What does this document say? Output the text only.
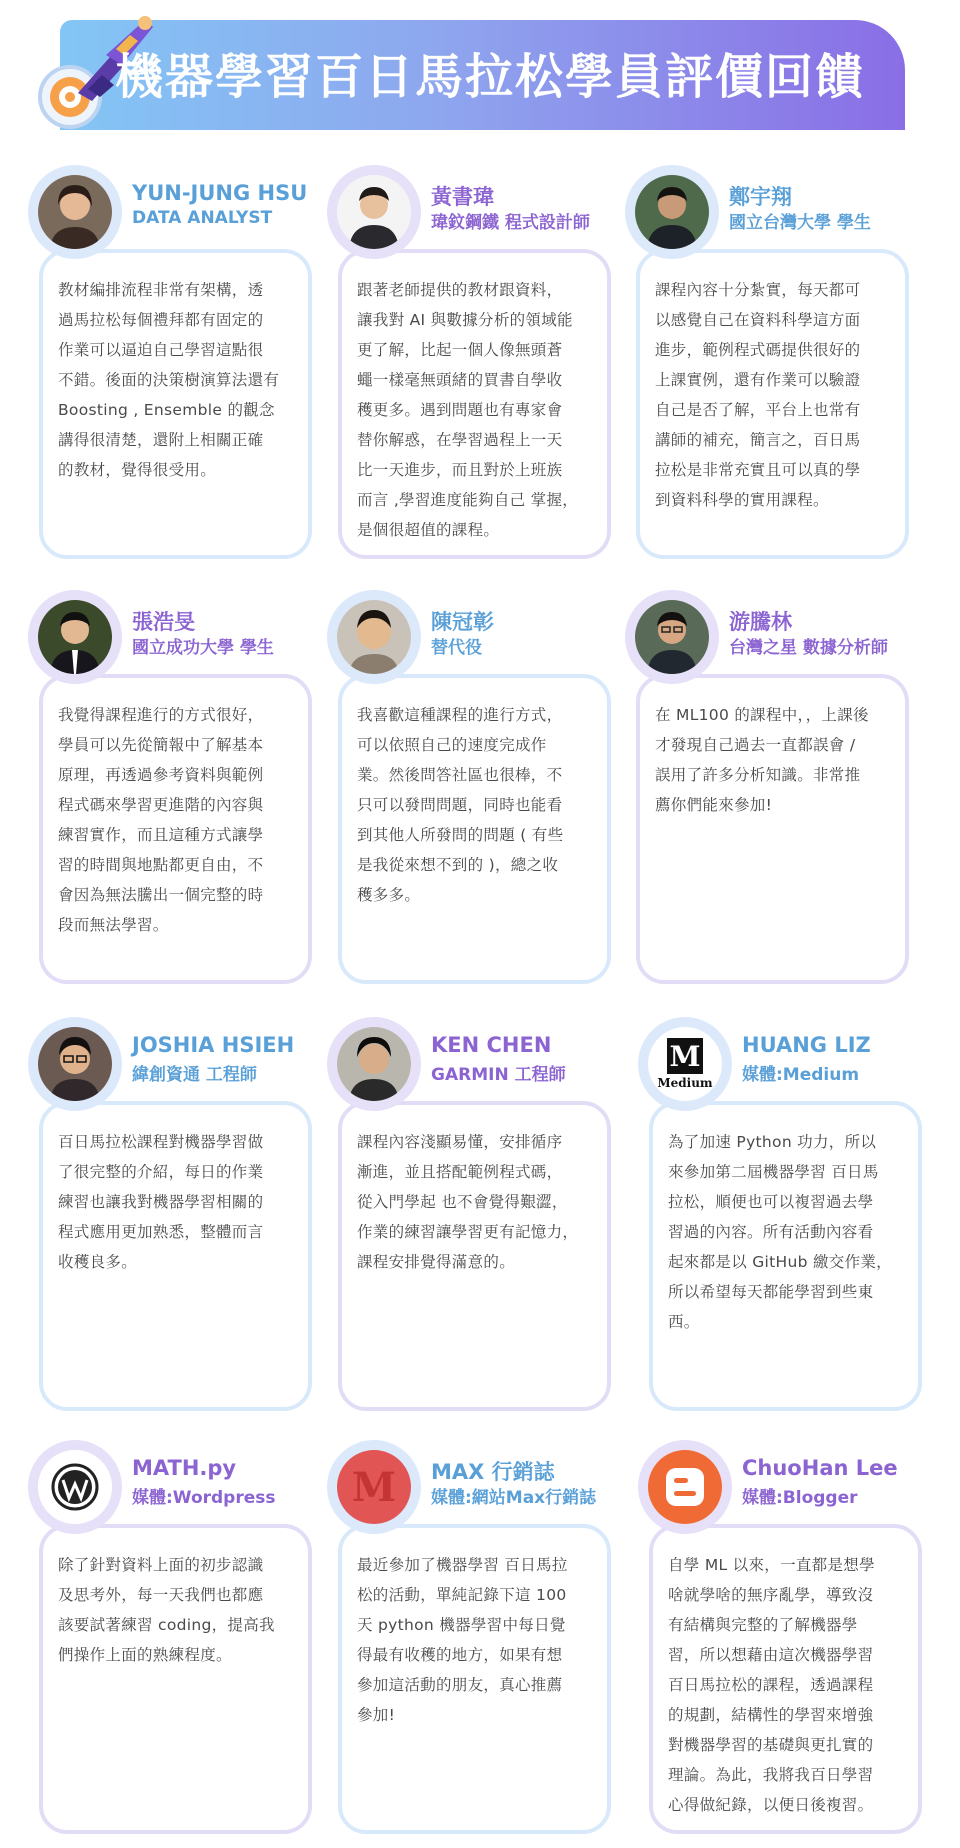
機器學習百日馬拉松學員評價回饋
YUN-JUNG HSU
DATA ANALYST
教材編排流程非常有架構，透
過馬拉松每個禮拜都有固定的
作業可以逼迫自己學習這點很
不錯。後面的決策樹演算法還有
Boosting , Ensemble 的觀念
講得很清楚，還附上相關正確
的教材，覺得很受用。
黃書瑋
瑋鈫鋼鐵 程式設計師
跟著老師提供的教材跟資料，
讓我對 AI 與數據分析的領域能
更了解，比起一個人像無頭蒼
蠅一樣毫無頭緒的買書自學收
穫更多。遇到問題也有專家會
替你解惑，在學習過程上一天
比一天進步，而且對於上班族
而言 ,學習進度能夠自己 掌握，
是個很超值的課程。
鄭宇翔
國立台灣大學 學生
課程內容十分紮實，每天都可
以感覺自己在資料科學這方面
進步，範例程式碼提供很好的
上課實例，還有作業可以驗證
自己是否了解，平台上也常有
講師的補充，簡言之，百日馬
拉松是非常充實且可以真的學
到資料科學的實用課程。
張浩旻
國立成功大學 學生
我覺得課程進行的方式很好，
學員可以先從簡報中了解基本
原理，再透過參考資料與範例
程式碼來學習更進階的內容與
練習實作，而且這種方式讓學
習的時間與地點都更自由，不
會因為無法騰出一個完整的時
段而無法學習。
陳冠彰
替代役
我喜歡這種課程的進行方式，
可以依照自己的速度完成作
業。然後問答社區也很棒，不
只可以發問問題，同時也能看
到其他人所發問的問題 ( 有些
是我從來想不到的 )，總之收
穫多多。
游騰林
台灣之星 數據分析師
在 ML100 的課程中，，上課後
才發現自己過去一直都誤會 /
誤用了許多分析知識。非常推
薦你們能來參加!
JOSHIA HSIEH
緯創資通 工程師
百日馬拉松課程對機器學習做
了很完整的介紹，每日的作業
練習也讓我對機器學習相關的
程式應用更加熟悉，整體而言
收穫良多。
KEN CHEN
GARMIN 工程師
課程內容淺顯易懂，安排循序
漸進，並且搭配範例程式碼，
從入門學起 也不會覺得艱澀，
作業的練習讓學習更有記憶力，
課程安排覺得滿意的。
M
Medium
HUANG LIZ
媒體:Medium
為了加速 Python 功力，所以
來參加第二屆機器學習 百日馬
拉松，順便也可以複習過去學
習過的內容。所有活動內容看
起來都是以 GitHub 繳交作業，
所以希望每天都能學習到些東
西。
MATH.py
媒體:Wordpress
除了針對資料上面的初步認識
及思考外，每一天我們也都應
該要試著練習 coding，提高我
們操作上面的熟練程度。
M	MAX 行銷誌
媒體:網站Max行銷誌
最近參加了機器學習 百日馬拉
松的活動，單純記錄下這 100
天 python 機器學習中每日覺
得最有收穫的地方，如果有想
參加這活動的朋友，真心推薦
參加!
ChuoHan Lee
媒體:Blogger
自學 ML 以來，一直都是想學
啥就學啥的無序亂學，導致沒
有結構與完整的了解機器學
習，所以想藉由這次機器學習
百日馬拉松的課程，透過課程
的規劃，結構性的學習來增強
對機器學習的基礎與更扎實的
理論。為此，我將我百日學習
心得做紀錄，以便日後複習。
